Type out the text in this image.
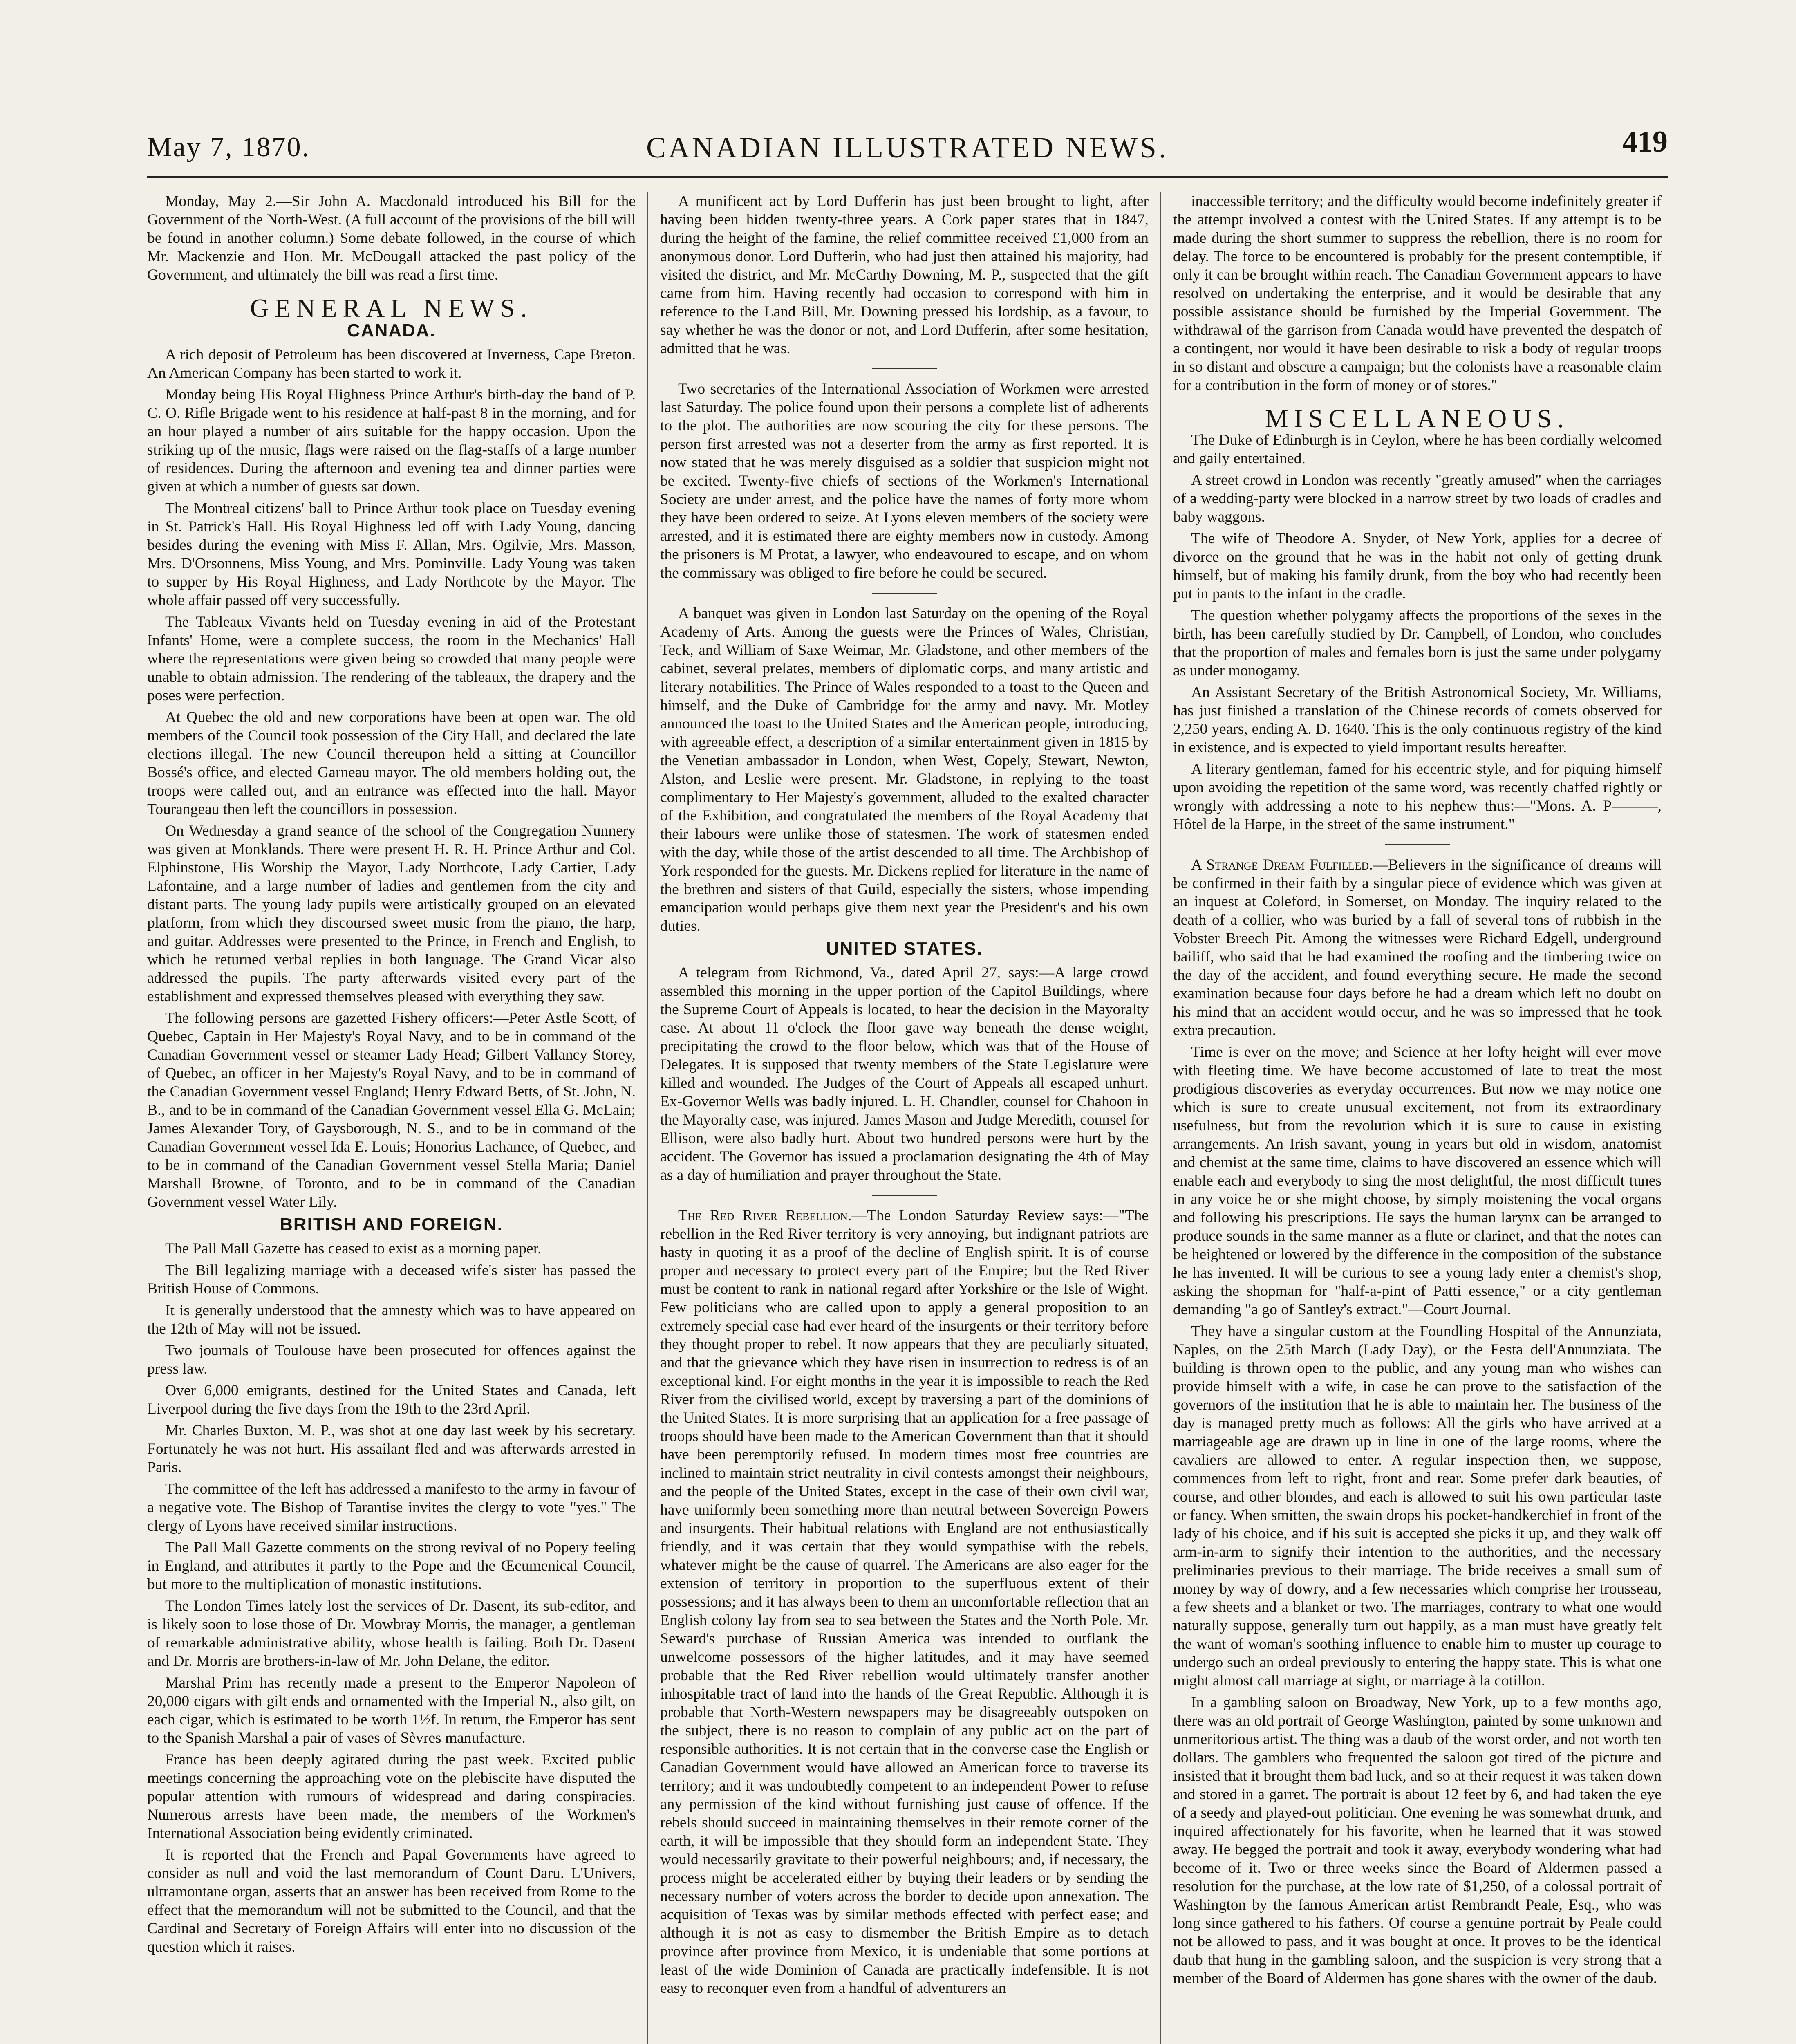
May 7, 1870.	CANADIAN ILLUSTRATED NEWS.	419

Monday, May 2.—Sir John A. Macdonald introduced his Bill for the Government of the North-West. (A full account of the provisions of the bill will be found in another column.) Some debate followed, in the course of which Mr. Mackenzie and Hon. Mr. McDougall attacked the past policy of the Government, and ultimately the bill was read a first time.

GENERAL NEWS.
CANADA.

A rich deposit of Petroleum has been discovered at Inverness, Cape Breton. An American Company has been started to work it.

Monday being His Royal Highness Prince Arthur's birth-day the band of P. C. O. Rifle Brigade went to his residence at half-past 8 in the morning, and for an hour played a number of airs suitable for the happy occasion. Upon the striking up of the music, flags were raised on the flag-staffs of a large number of residences. During the afternoon and evening tea and dinner parties were given at which a number of guests sat down.

The Montreal citizens' ball to Prince Arthur took place on Tuesday evening in St. Patrick's Hall. His Royal Highness led off with Lady Young, dancing besides during the evening with Miss F. Allan, Mrs. Ogilvie, Mrs. Masson, Mrs. D'Orsonnens, Miss Young, and Mrs. Pominville. Lady Young was taken to supper by His Royal Highness, and Lady Northcote by the Mayor. The whole affair passed off very successfully.

The Tableaux Vivants held on Tuesday evening in aid of the Protestant Infants' Home, were a complete success, the room in the Mechanics' Hall where the representations were given being so crowded that many people were unable to obtain admission. The rendering of the tableaux, the drapery and the poses were perfection.

At Quebec the old and new corporations have been at open war. The old members of the Council took possession of the City Hall, and declared the late elections illegal. The new Council thereupon held a sitting at Councillor Bossé's office, and elected Garneau mayor. The old members holding out, the troops were called out, and an entrance was effected into the hall. Mayor Tourangeau then left the councillors in possession.

On Wednesday a grand seance of the school of the Congregation Nunnery was given at Monklands. There were present H. R. H. Prince Arthur and Col. Elphinstone, His Worship the Mayor, Lady Northcote, Lady Cartier, Lady Lafontaine, and a large number of ladies and gentlemen from the city and distant parts. The young lady pupils were artistically grouped on an elevated platform, from which they discoursed sweet music from the piano, the harp, and guitar. Addresses were presented to the Prince, in French and English, to which he returned verbal replies in both language. The Grand Vicar also addressed the pupils. The party afterwards visited every part of the establishment and expressed themselves pleased with everything they saw.

The following persons are gazetted Fishery officers:—Peter Astle Scott, of Quebec, Captain in Her Majesty's Royal Navy, and to be in command of the Canadian Government vessel or steamer Lady Head; Gilbert Vallancy Storey, of Quebec, an officer in her Majesty's Royal Navy, and to be in command of the Canadian Government vessel England; Henry Edward Betts, of St. John, N. B., and to be in command of the Canadian Government vessel Ella G. McLain; James Alexander Tory, of Gaysborough, N. S., and to be in command of the Canadian Government vessel Ida E. Louis; Honorius Lachance, of Quebec, and to be in command of the Canadian Government vessel Stella Maria; Daniel Marshall Browne, of Toronto, and to be in command of the Canadian Government vessel Water Lily.

BRITISH AND FOREIGN.

The Pall Mall Gazette has ceased to exist as a morning paper.

The Bill legalizing marriage with a deceased wife's sister has passed the British House of Commons.

It is generally understood that the amnesty which was to have appeared on the 12th of May will not be issued.

Two journals of Toulouse have been prosecuted for offences against the press law.

Over 6,000 emigrants, destined for the United States and Canada, left Liverpool during the five days from the 19th to the 23rd April.

Mr. Charles Buxton, M. P., was shot at one day last week by his secretary. Fortunately he was not hurt. His assailant fled and was afterwards arrested in Paris.

The committee of the left has addressed a manifesto to the army in favour of a negative vote. The Bishop of Tarantise invites the clergy to vote "yes." The clergy of Lyons have received similar instructions.

The Pall Mall Gazette comments on the strong revival of no Popery feeling in England, and attributes it partly to the Pope and the Œcumenical Council, but more to the multiplication of monastic institutions.

The London Times lately lost the services of Dr. Dasent, its sub-editor, and is likely soon to lose those of Dr. Mowbray Morris, the manager, a gentleman of remarkable administrative ability, whose health is failing. Both Dr. Dasent and Dr. Morris are brothers-in-law of Mr. John Delane, the editor.

Marshal Prim has recently made a present to the Emperor Napoleon of 20,000 cigars with gilt ends and ornamented with the Imperial N., also gilt, on each cigar, which is estimated to be worth 1½f. In return, the Emperor has sent to the Spanish Marshal a pair of vases of Sèvres manufacture.

France has been deeply agitated during the past week. Excited public meetings concerning the approaching vote on the plebiscite have disputed the popular attention with rumours of widespread and daring conspiracies. Numerous arrests have been made, the members of the Workmen's International Association being evidently criminated.

It is reported that the French and Papal Governments have agreed to consider as null and void the last memorandum of Count Daru. L'Univers, ultramontane organ, asserts that an answer has been received from Rome to the effect that the memorandum will not be submitted to the Council, and that the Cardinal and Secretary of Foreign Affairs will enter into no discussion of the question which it raises.

A munificent act by Lord Dufferin has just been brought to light, after having been hidden twenty-three years. A Cork paper states that in 1847, during the height of the famine, the relief committee received £1,000 from an anonymous donor. Lord Dufferin, who had just then attained his majority, had visited the district, and Mr. McCarthy Downing, M. P., suspected that the gift came from him. Having recently had occasion to correspond with him in reference to the Land Bill, Mr. Downing pressed his lordship, as a favour, to say whether he was the donor or not, and Lord Dufferin, after some hesitation, admitted that he was.

Two secretaries of the International Association of Workmen were arrested last Saturday. The police found upon their persons a complete list of adherents to the plot. The authorities are now scouring the city for these persons. The person first arrested was not a deserter from the army as first reported. It is now stated that he was merely disguised as a soldier that suspicion might not be excited. Twenty-five chiefs of sections of the Workmen's International Society are under arrest, and the police have the names of forty more whom they have been ordered to seize. At Lyons eleven members of the society were arrested, and it is estimated there are eighty members now in custody. Among the prisoners is M Protat, a lawyer, who endeavoured to escape, and on whom the commissary was obliged to fire before he could be secured.

A banquet was given in London last Saturday on the opening of the Royal Academy of Arts. Among the guests were the Princes of Wales, Christian, Teck, and William of Saxe Weimar, Mr. Gladstone, and other members of the cabinet, several prelates, members of diplomatic corps, and many artistic and literary notabilities. The Prince of Wales responded to a toast to the Queen and himself, and the Duke of Cambridge for the army and navy. Mr. Motley announced the toast to the United States and the American people, introducing, with agreeable effect, a description of a similar entertainment given in 1815 by the Venetian ambassador in London, when West, Copely, Stewart, Newton, Alston, and Leslie were present. Mr. Gladstone, in replying to the toast complimentary to Her Majesty's government, alluded to the exalted character of the Exhibition, and congratulated the members of the Royal Academy that their labours were unlike those of statesmen. The work of statesmen ended with the day, while those of the artist descended to all time. The Archbishop of York responded for the guests. Mr. Dickens replied for literature in the name of the brethren and sisters of that Guild, especially the sisters, whose impending emancipation would perhaps give them next year the President's and his own duties.

UNITED STATES.

A telegram from Richmond, Va., dated April 27, says:—A large crowd assembled this morning in the upper portion of the Capitol Buildings, where the Supreme Court of Appeals is located, to hear the decision in the Mayoralty case. At about 11 o'clock the floor gave way beneath the dense weight, precipitating the crowd to the floor below, which was that of the House of Delegates. It is supposed that twenty members of the State Legislature were killed and wounded. The Judges of the Court of Appeals all escaped unhurt. Ex-Governor Wells was badly injured. L. H. Chandler, counsel for Chahoon in the Mayoralty case, was injured. James Mason and Judge Meredith, counsel for Ellison, were also badly hurt. About two hundred persons were hurt by the accident. The Governor has issued a proclamation designating the 4th of May as a day of humiliation and prayer throughout the State.

The Red River Rebellion.—The London Saturday Review says:—"The rebellion in the Red River territory is very annoying, but indignant patriots are hasty in quoting it as a proof of the decline of English spirit. It is of course proper and necessary to protect every part of the Empire; but the Red River must be content to rank in national regard after Yorkshire or the Isle of Wight. Few politicians who are called upon to apply a general proposition to an extremely special case had ever heard of the insurgents or their territory before they thought proper to rebel. It now appears that they are peculiarly situated, and that the grievance which they have risen in insurrection to redress is of an exceptional kind. For eight months in the year it is impossible to reach the Red River from the civilised world, except by traversing a part of the dominions of the United States. It is more surprising that an application for a free passage of troops should have been made to the American Government than that it should have been peremptorily refused. In modern times most free countries are inclined to maintain strict neutrality in civil contests amongst their neighbours, and the people of the United States, except in the case of their own civil war, have uniformly been something more than neutral between Sovereign Powers and insurgents. Their habitual relations with England are not enthusiastically friendly, and it was certain that they would sympathise with the rebels, whatever might be the cause of quarrel. The Americans are also eager for the extension of territory in proportion to the superfluous extent of their possessions; and it has always been to them an uncomfortable reflection that an English colony lay from sea to sea between the States and the North Pole. Mr. Seward's purchase of Russian America was intended to outflank the unwelcome possessors of the higher latitudes, and it may have seemed probable that the Red River rebellion would ultimately transfer another inhospitable tract of land into the hands of the Great Republic. Although it is probable that North-Western newspapers may be disagreeably outspoken on the subject, there is no reason to complain of any public act on the part of responsible authorities. It is not certain that in the converse case the English or Canadian Government would have allowed an American force to traverse its territory; and it was undoubtedly competent to an independent Power to refuse any permission of the kind without furnishing just cause of offence. If the rebels should succeed in maintaining themselves in their remote corner of the earth, it will be impossible that they should form an independent State. They would necessarily gravitate to their powerful neighbours; and, if necessary, the process might be accelerated either by buying their leaders or by sending the necessary number of voters across the border to decide upon annexation. The acquisition of Texas was by similar methods effected with perfect ease; and although it is not as easy to dismember the British Empire as to detach province after province from Mexico, it is undeniable that some portions at least of the wide Dominion of Canada are practically indefensible. It is not easy to reconquer even from a handful of adventurers an

inaccessible territory; and the difficulty would become indefinitely greater if the attempt involved a contest with the United States. If any attempt is to be made during the short summer to suppress the rebellion, there is no room for delay. The force to be encountered is probably for the present contemptible, if only it can be brought within reach. The Canadian Government appears to have resolved on undertaking the enterprise, and it would be desirable that any possible assistance should be furnished by the Imperial Government. The withdrawal of the garrison from Canada would have prevented the despatch of a contingent, nor would it have been desirable to risk a body of regular troops in so distant and obscure a campaign; but the colonists have a reasonable claim for a contribution in the form of money or of stores."

MISCELLANEOUS.

The Duke of Edinburgh is in Ceylon, where he has been cordially welcomed and gaily entertained.

A street crowd in London was recently "greatly amused" when the carriages of a wedding-party were blocked in a narrow street by two loads of cradles and baby waggons.

The wife of Theodore A. Snyder, of New York, applies for a decree of divorce on the ground that he was in the habit not only of getting drunk himself, but of making his family drunk, from the boy who had recently been put in pants to the infant in the cradle.

The question whether polygamy affects the proportions of the sexes in the birth, has been carefully studied by Dr. Campbell, of London, who concludes that the proportion of males and females born is just the same under polygamy as under monogamy.

An Assistant Secretary of the British Astronomical Society, Mr. Williams, has just finished a translation of the Chinese records of comets observed for 2,250 years, ending A. D. 1640. This is the only continuous registry of the kind in existence, and is expected to yield important results hereafter.

A literary gentleman, famed for his eccentric style, and for piquing himself upon avoiding the repetition of the same word, was recently chaffed rightly or wrongly with addressing a note to his nephew thus:—"Mons. A. P———, Hôtel de la Harpe, in the street of the same instrument."

A Strange Dream Fulfilled.—Believers in the significance of dreams will be confirmed in their faith by a singular piece of evidence which was given at an inquest at Coleford, in Somerset, on Monday. The inquiry related to the death of a collier, who was buried by a fall of several tons of rubbish in the Vobster Breech Pit. Among the witnesses were Richard Edgell, underground bailiff, who said that he had examined the roofing and the timbering twice on the day of the accident, and found everything secure. He made the second examination because four days before he had a dream which left no doubt on his mind that an accident would occur, and he was so impressed that he took extra precaution.

Time is ever on the move; and Science at her lofty height will ever move with fleeting time. We have become accustomed of late to treat the most prodigious discoveries as everyday occurrences. But now we may notice one which is sure to create unusual excitement, not from its extraordinary usefulness, but from the revolution which it is sure to cause in existing arrangements. An Irish savant, young in years but old in wisdom, anatomist and chemist at the same time, claims to have discovered an essence which will enable each and everybody to sing the most delightful, the most difficult tunes in any voice he or she might choose, by simply moistening the vocal organs and following his prescriptions. He says the human larynx can be arranged to produce sounds in the same manner as a flute or clarinet, and that the notes can be heightened or lowered by the difference in the composition of the substance he has invented. It will be curious to see a young lady enter a chemist's shop, asking the shopman for "half-a-pint of Patti essence," or a city gentleman demanding "a go of Santley's extract."—Court Journal.

They have a singular custom at the Foundling Hospital of the Annunziata, Naples, on the 25th March (Lady Day), or the Festa dell'Annunziata. The building is thrown open to the public, and any young man who wishes can provide himself with a wife, in case he can prove to the satisfaction of the governors of the institution that he is able to maintain her. The business of the day is managed pretty much as follows: All the girls who have arrived at a marriageable age are drawn up in line in one of the large rooms, where the cavaliers are allowed to enter. A regular inspection then, we suppose, commences from left to right, front and rear. Some prefer dark beauties, of course, and other blondes, and each is allowed to suit his own particular taste or fancy. When smitten, the swain drops his pocket-handkerchief in front of the lady of his choice, and if his suit is accepted she picks it up, and they walk off arm-in-arm to signify their intention to the authorities, and the necessary preliminaries previous to their marriage. The bride receives a small sum of money by way of dowry, and a few necessaries which comprise her trousseau, a few sheets and a blanket or two. The marriages, contrary to what one would naturally suppose, generally turn out happily, as a man must have greatly felt the want of woman's soothing influence to enable him to muster up courage to undergo such an ordeal previously to entering the happy state. This is what one might almost call marriage at sight, or marriage à la cotillon.

In a gambling saloon on Broadway, New York, up to a few months ago, there was an old portrait of George Washington, painted by some unknown and unmeritorious artist. The thing was a daub of the worst order, and not worth ten dollars. The gamblers who frequented the saloon got tired of the picture and insisted that it brought them bad luck, and so at their request it was taken down and stored in a garret. The portrait is about 12 feet by 6, and had taken the eye of a seedy and played-out politician. One evening he was somewhat drunk, and inquired affectionately for his favorite, when he learned that it was stowed away. He begged the portrait and took it away, everybody wondering what had become of it. Two or three weeks since the Board of Aldermen passed a resolution for the purchase, at the low rate of $1,250, of a colossal portrait of Washington by the famous American artist Rembrandt Peale, Esq., who was long since gathered to his fathers. Of course a genuine portrait by Peale could not be allowed to pass, and it was bought at once. It proves to be the identical daub that hung in the gambling saloon, and the suspicion is very strong that a member of the Board of Aldermen has gone shares with the owner of the daub.
